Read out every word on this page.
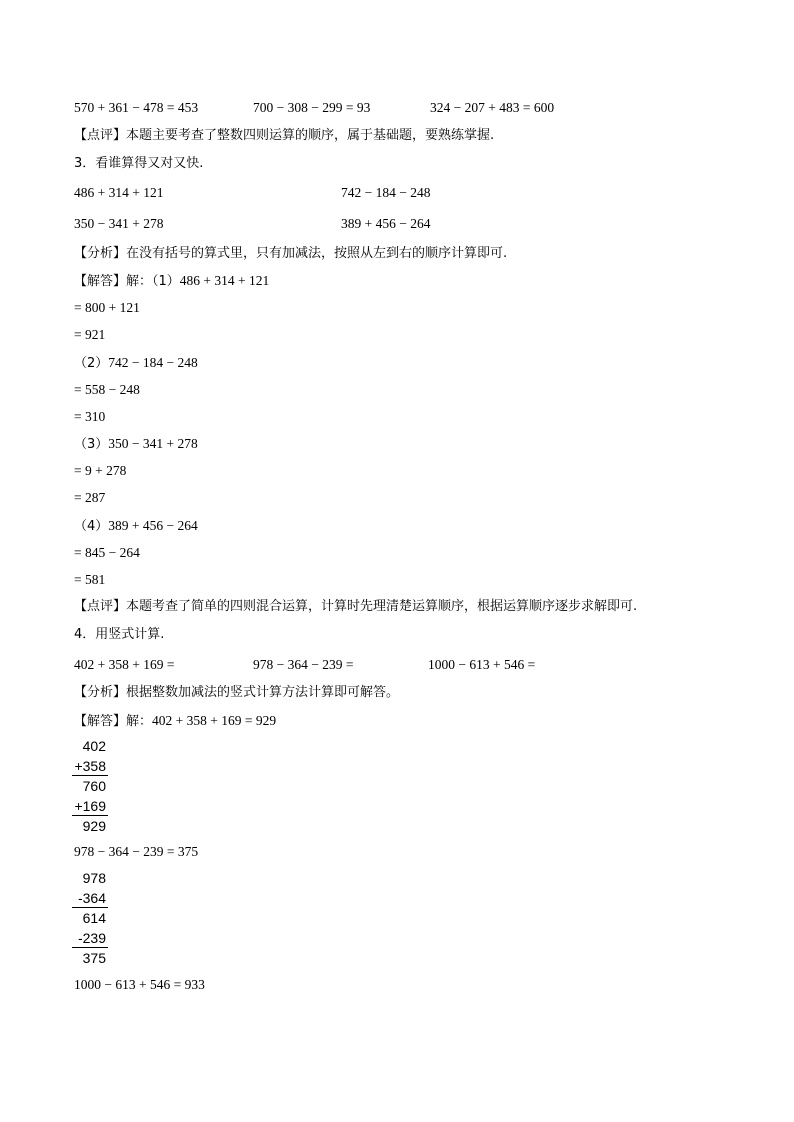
570 + 361 − 478 = 453	700 − 308 − 299 = 93	324 − 207 + 483 = 600
【点评】本题主要考查了整数四则运算的顺序，属于基础题，要熟练掌握.
3．看谁算得又对又快.
486 + 314 + 121	742 − 184 − 248
350 − 341 + 278	389 + 456 − 264
【分析】在没有括号的算式里，只有加减法，按照从左到右的顺序计算即可.
【解答】解：（1）486 + 314 + 121
= 800 + 121
= 921
（2）742 − 184 − 248
= 558 − 248
= 310
（3）350 − 341 + 278
= 9 + 278
= 287
（4）389 + 456 − 264
= 845 − 264
= 581
【点评】本题考查了简单的四则混合运算，计算时先理清楚运算顺序，根据运算顺序逐步求解即可.
4．用竖式计算.
402 + 358 + 169 =	978 − 364 − 239 =	1000 − 613 + 546 =
【分析】根据整数加减法的竖式计算方法计算即可解答。
【解答】解：402 + 358 + 169 = 929
402
+358
760
+169
929
978 − 364 − 239 = 375
978
-364
614
-239
375
1000 − 613 + 546 = 933
